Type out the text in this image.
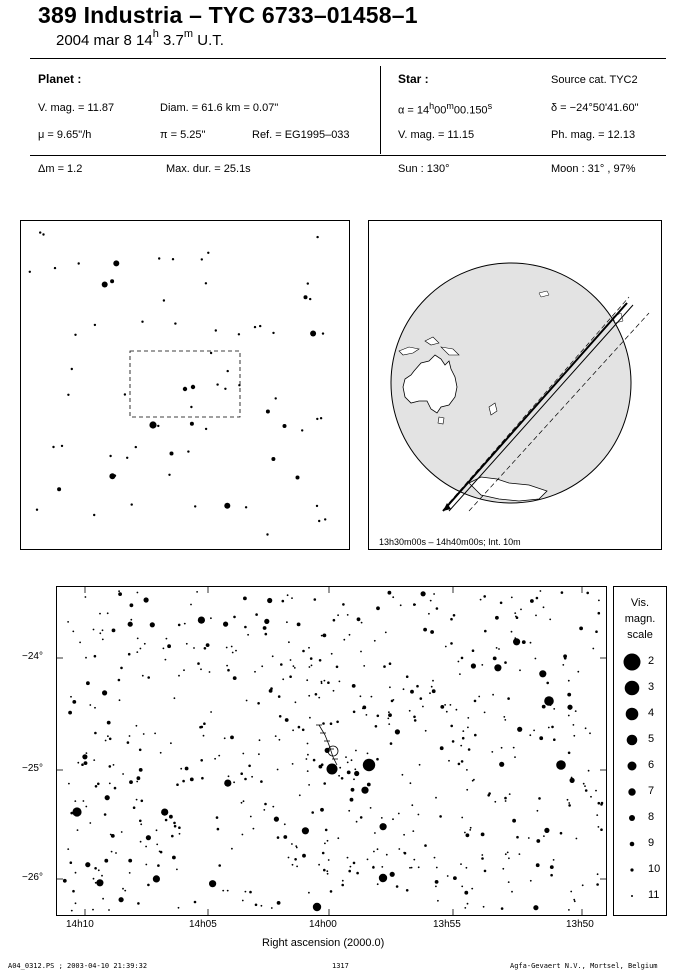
389 Industria – TYC 6733–01458–1
2004 mar 8 14$^h$ 3.7$^m$ U.T.
Planet :
V. mag. = 11.87	Diam. = 61.6 km = 0.07"
μ = 9.65"/h	π = 5.25"	Ref. = EG1995–033
Star :	Source cat. TYC2
$\alpha = 14^h00^m00.150^s$	δ = −24°50'41.60"
V. mag. = 11.15	Ph. mag. = 12.13
Δm = 1.2	Max. dur. = 25.1s	Sun : 130°	Moon : 31° , 97%
13h30m00s – 14h40m00s; Int. 10m
14h10	14h05	14h00	13h55	13h50
Right ascension (2000.0)
−24°
−25°
−26°
Vis.
magn.
scale
2
3
4
5
6
7
8
9
10
11
A04_0312.PS ; 2003-04-10 21:39:32	1317	Agfa-Gevaert N.V., Mortsel, Belgium
